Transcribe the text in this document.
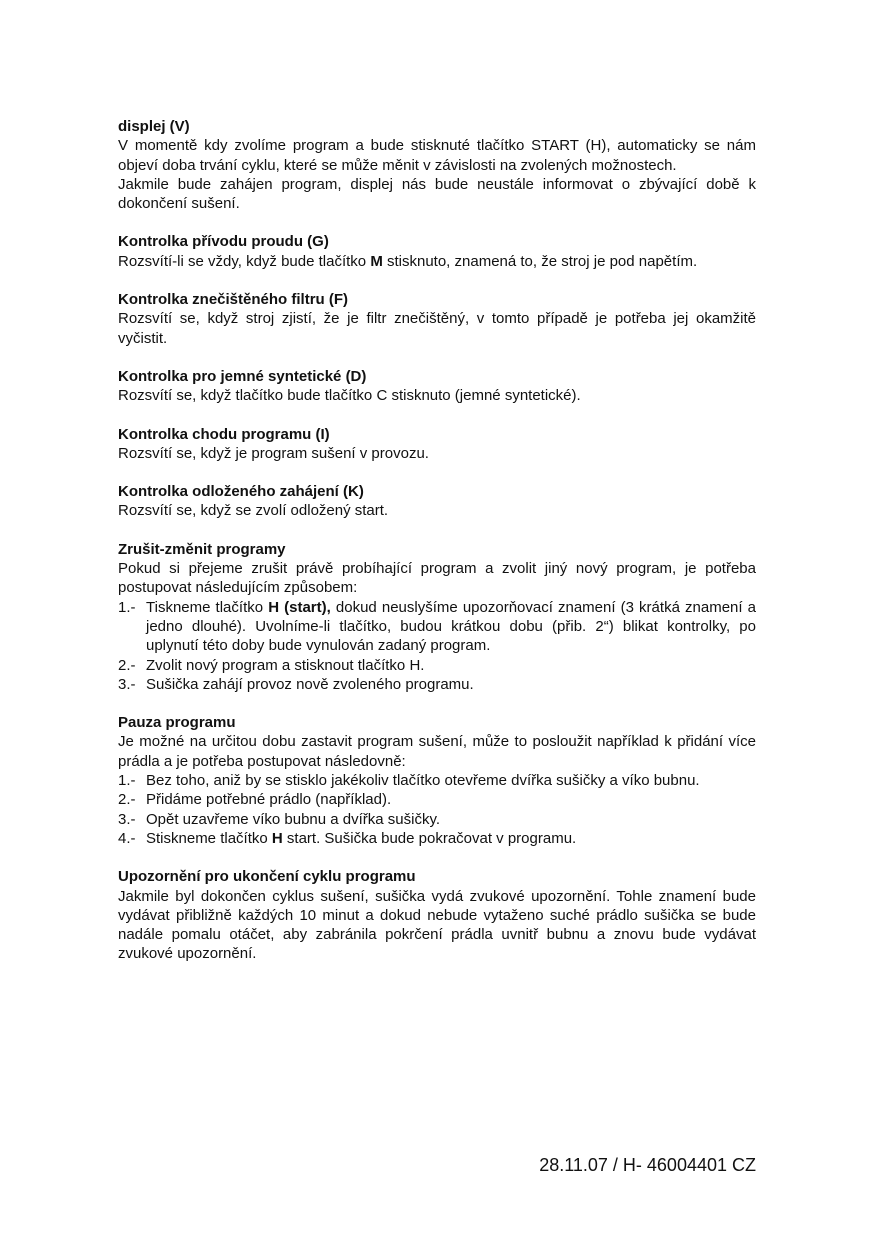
displej (V)
V momentě kdy zvolíme program a bude stisknuté tlačítko START (H), automaticky se nám objeví doba trvání cyklu, které se může měnit v závislosti na zvolených možnostech.
Jakmile bude zahájen program, displej nás bude neustále informovat o zbývající době k dokončení sušení.
Kontrolka přívodu proudu (G)
Rozsvítí-li se vždy, když bude tlačítko M stisknuto, znamená to, že stroj je pod napětím.
Kontrolka znečištěného filtru (F)
Rozsvítí se, když stroj zjistí, že je filtr znečištěný, v tomto případě je potřeba jej okamžitě vyčistit.
Kontrolka pro jemné syntetické (D)
Rozsvítí se, když tlačítko bude tlačítko C stisknuto (jemné syntetické).
Kontrolka chodu programu (I)
Rozsvítí se, když je program sušení v provozu.
Kontrolka odloženého zahájení (K)
Rozsvítí se, když se zvolí odložený start.
Zrušit-změnit programy
Pokud si přejeme zrušit právě probíhající program a zvolit jiný nový program, je potřeba postupovat následujícím způsobem:
1.- Tiskneme tlačítko H (start), dokud neuslyšíme upozorňovací znamení (3 krátká znamení a jedno dlouhé). Uvolníme-li tlačítko, budou krátkou dobu (přib. 2“) blikat kontrolky, po uplynutí této doby bude vynulován zadaný program.
2.- Zvolit nový program a stisknout tlačítko H.
3.- Sušička zahájí provoz nově zvoleného programu.
Pauza programu
Je možné na určitou dobu zastavit program sušení, může to posloužit například k přidání více prádla a je potřeba postupovat následovně:
1.- Bez toho, aniž by se stisklo jakékoliv tlačítko otevřeme dvířka sušičky a víko bubnu.
2.- Přidáme potřebné prádlo (například).
3.- Opět uzavřeme víko bubnu a dvířka sušičky.
4.- Stiskneme tlačítko H start. Sušička bude pokračovat v programu.
Upozornění pro ukončení cyklu programu
Jakmile byl dokončen cyklus sušení, sušička vydá zvukové upozornění. Tohle znamení bude vydávat přibližně každých 10 minut a dokud nebude vytaženo suché prádlo sušička se bude nadále pomalu otáčet, aby zabránila pokrčení prádla uvnitř bubnu a znovu bude vydávat zvukové upozornění.
28.11.07 / H- 46004401 CZ
